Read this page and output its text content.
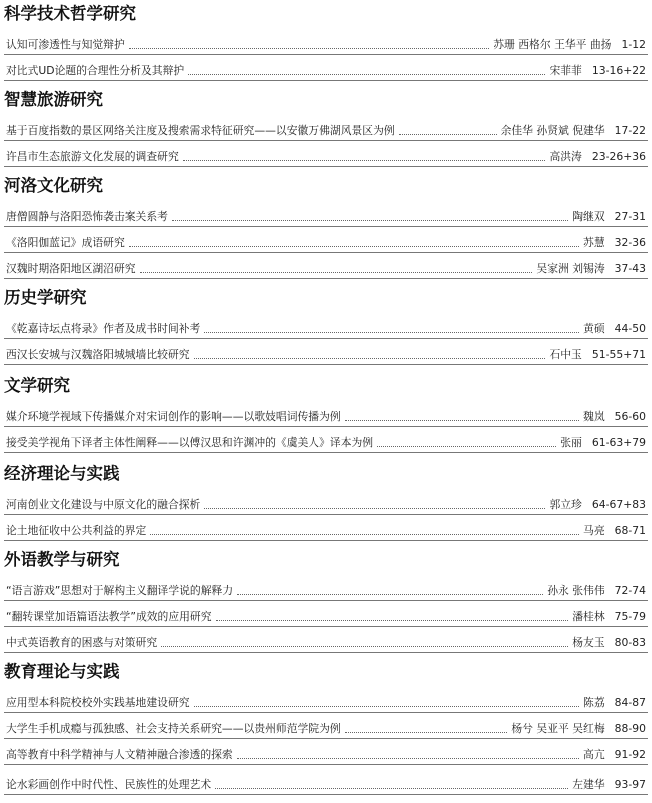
科学技术哲学研究
认知可渗透性与知觉辩护	苏珊 西格尔 王华平 曲扬 1-12
对比式UD论题的合理性分析及其辩护	宋菲菲 13-16+22
智慧旅游研究
基于百度指数的景区网络关注度及搜索需求特征研究——以安徽万佛湖风景区为例	余佳华 孙贤斌 倪建华 17-22
许昌市生态旅游文化发展的调查研究	高洪涛 23-26+36
河洛文化研究
唐僧圆静与洛阳恐怖袭击案关系考	陶继双 27-31
《洛阳伽蓝记》成语研究	苏慧 32-36
汉魏时期洛阳地区湖沼研究	吴家洲 刘锡涛 37-43
历史学研究
《乾嘉诗坛点将录》作者及成书时间补考	黄硕 44-50
西汉长安城与汉魏洛阳城城墙比较研究	石中玉 51-55+71
文学研究
媒介环境学视域下传播媒介对宋词创作的影响——以歌妓唱词传播为例	魏岚 56-60
接受美学视角下译者主体性阐释——以傅汉思和许渊冲的《虞美人》译本为例	张丽 61-63+79
经济理论与实践
河南创业文化建设与中原文化的融合探析	郭立珍 64-67+83
论土地征收中公共利益的界定	马亮 68-71
外语教学与研究
“语言游戏”思想对于解构主义翻译学说的解释力	孙永 张伟伟 72-74
“翻转课堂加语篇语法教学”成效的应用研究	潘桂林 75-79
中式英语教育的困惑与对策研究	杨友玉 80-83
教育理论与实践
应用型本科院校校外实践基地建设研究	陈荔 84-87
大学生手机成瘾与孤独感、社会支持关系研究——以贵州师范学院为例	杨兮 吴亚平 吴红梅 88-90
高等教育中科学精神与人文精神融合渗透的探索	高亢 91-92
论水彩画创作中时代性、民族性的处理艺术	左建华 93-97
